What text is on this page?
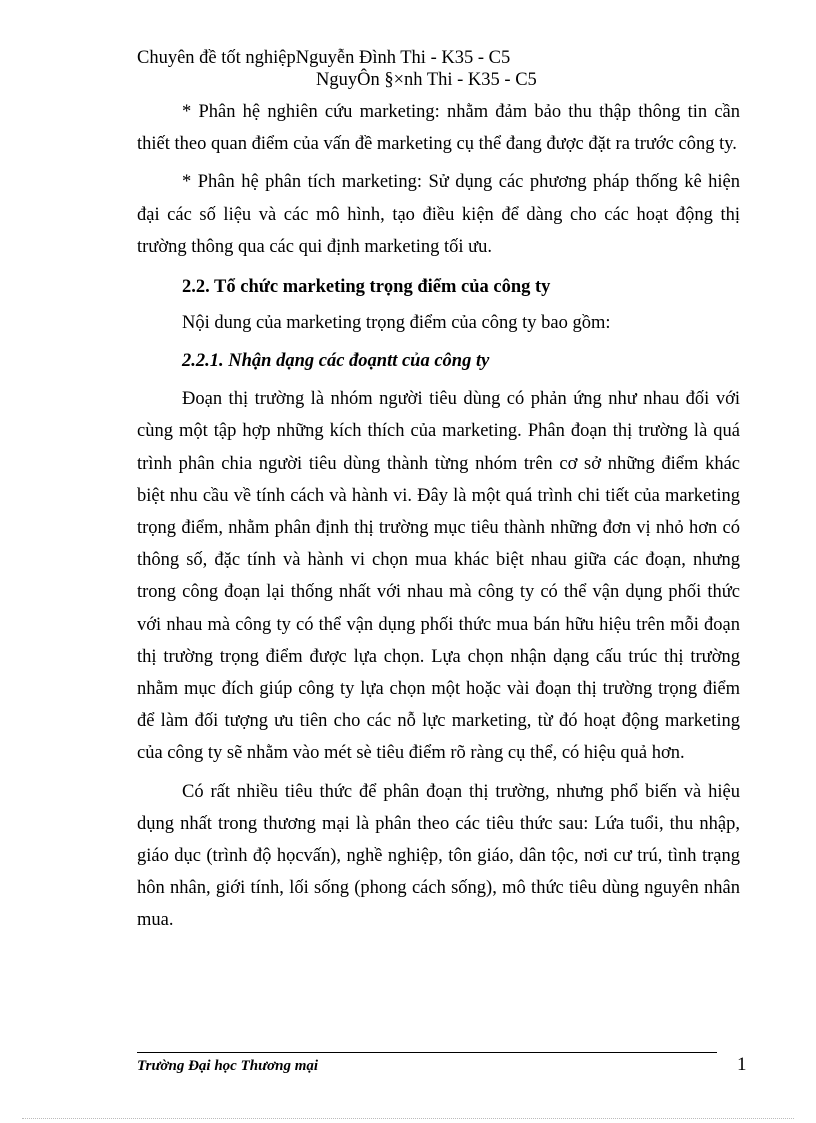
Chuyên đề tốt nghiệpNguyễn Đình Thi - K35 - C5
NguyÔn §×nh Thi - K35 - C5

* Phân hệ nghiên cứu marketing: nhằm đảm bảo thu thập thông tin cần thiết theo quan điểm của vấn đề marketing cụ thể đang được đặt ra trước công ty.

* Phân hệ phân tích marketing: Sử dụng các phương pháp thống kê hiện đại các số liệu và các mô hình, tạo điều kiện để dàng cho các hoạt động thị trường thông qua các qui định marketing tối ưu.

2.2. Tổ chức marketing trọng điểm của công ty

Nội dung của marketing trọng điểm của công ty bao gồm:

2.2.1. Nhận dạng các đoạntt của công ty

Đoạn thị trường là nhóm người tiêu dùng có phản ứng như nhau đối với cùng một tập hợp những kích thích của marketing. Phân đoạn thị trường là quá trình phân chia người tiêu dùng thành từng nhóm trên cơ sở những điểm khác biệt nhu cầu về tính cách và hành vi. Đây là một quá trình chi tiết của marketing trọng điểm, nhằm phân định thị trường mục tiêu thành những đơn vị nhỏ hơn có thông số, đặc tính và hành vi chọn mua khác biệt nhau giữa các đoạn, nhưng trong công đoạn lại thống nhất với nhau mà công ty có thể vận dụng phối thức với nhau mà công ty có thể vận dụng phối thức mua bán hữu hiệu trên mỗi đoạn thị trường trọng điểm được lựa chọn. Lựa chọn nhận dạng cấu trúc thị trường nhằm mục đích giúp công ty lựa chọn một hoặc vài đoạn thị trường trọng điểm để làm đối tượng ưu tiên cho các nỗ lực marketing, từ đó hoạt động marketing của công ty sẽ nhằm vào mét sè tiêu điểm rõ ràng cụ thể, có hiệu quả hơn.

Có rất nhiều tiêu thức để phân đoạn thị trường, nhưng phổ biến và hiệu dụng nhất trong thương mại là phân theo các tiêu thức sau: Lứa tuổi, thu nhập, giáo dục (trình độ họcvấn), nghề nghiệp, tôn giáo, dân tộc, nơi cư trú, tình trạng hôn nhân, giới tính, lối sống (phong cách sống), mô thức tiêu dùng nguyên nhân mua.

Trường Đại học Thương mại	1
